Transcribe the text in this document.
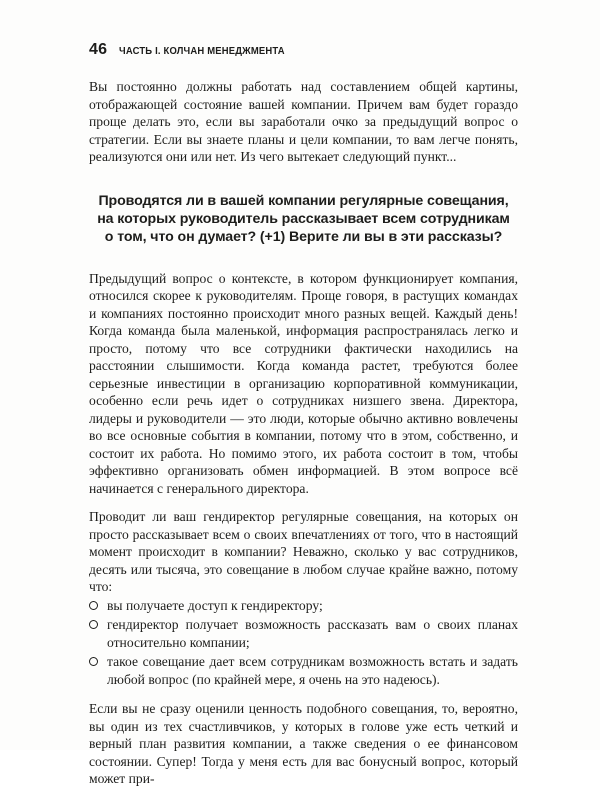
46 ЧАСТЬ I. КОЛЧАН МЕНЕДЖМЕНТА

Вы постоянно должны работать над составлением общей картины, отображающей состояние вашей компании. Причем вам будет гораздо проще делать это, если вы заработали очко за предыдущий вопрос о стратегии. Если вы знаете планы и цели компании, то вам легче понять, реализуются они или нет. Из чего вытекает следующий пункт...

Проводятся ли в вашей компании регулярные совещания, на которых руководитель рассказывает всем сотрудникам о том, что он думает? (+1) Верите ли вы в эти рассказы?

Предыдущий вопрос о контексте, в котором функционирует компания, относился скорее к руководителям. Проще говоря, в растущих командах и компаниях постоянно происходит много разных вещей. Каждый день! Когда команда была маленькой, информация распространялась легко и просто, потому что все сотрудники фактически находились на расстоянии слышимости. Когда команда растет, требуются более серьезные инвестиции в организацию корпоративной коммуникации, особенно если речь идет о сотрудниках низшего звена. Директора, лидеры и руководители — это люди, которые обычно активно вовлечены во все основные события в компании, потому что в этом, собственно, и состоит их работа. Но помимо этого, их работа состоит в том, чтобы эффективно организовать обмен информацией. В этом вопросе всё начинается с генерального директора.

Проводит ли ваш гендиректор регулярные совещания, на которых он просто рассказывает всем о своих впечатлениях от того, что в настоящий момент происходит в компании? Неважно, сколько у вас сотрудников, десять или тысяча, это совещание в любом случае крайне важно, потому что:

вы получаете доступ к гендиректору;
гендиректор получает возможность рассказать вам о своих планах относительно компании;
такое совещание дает всем сотрудникам возможность встать и задать любой вопрос (по крайней мере, я очень на это надеюсь).

Если вы не сразу оценили ценность подобного совещания, то, вероятно, вы один из тех счастливчиков, у которых в голове уже есть четкий и верный план развития компании, а также сведения о ее финансовом состоянии. Супер! Тогда у меня есть для вас бонусный вопрос, который может при-
